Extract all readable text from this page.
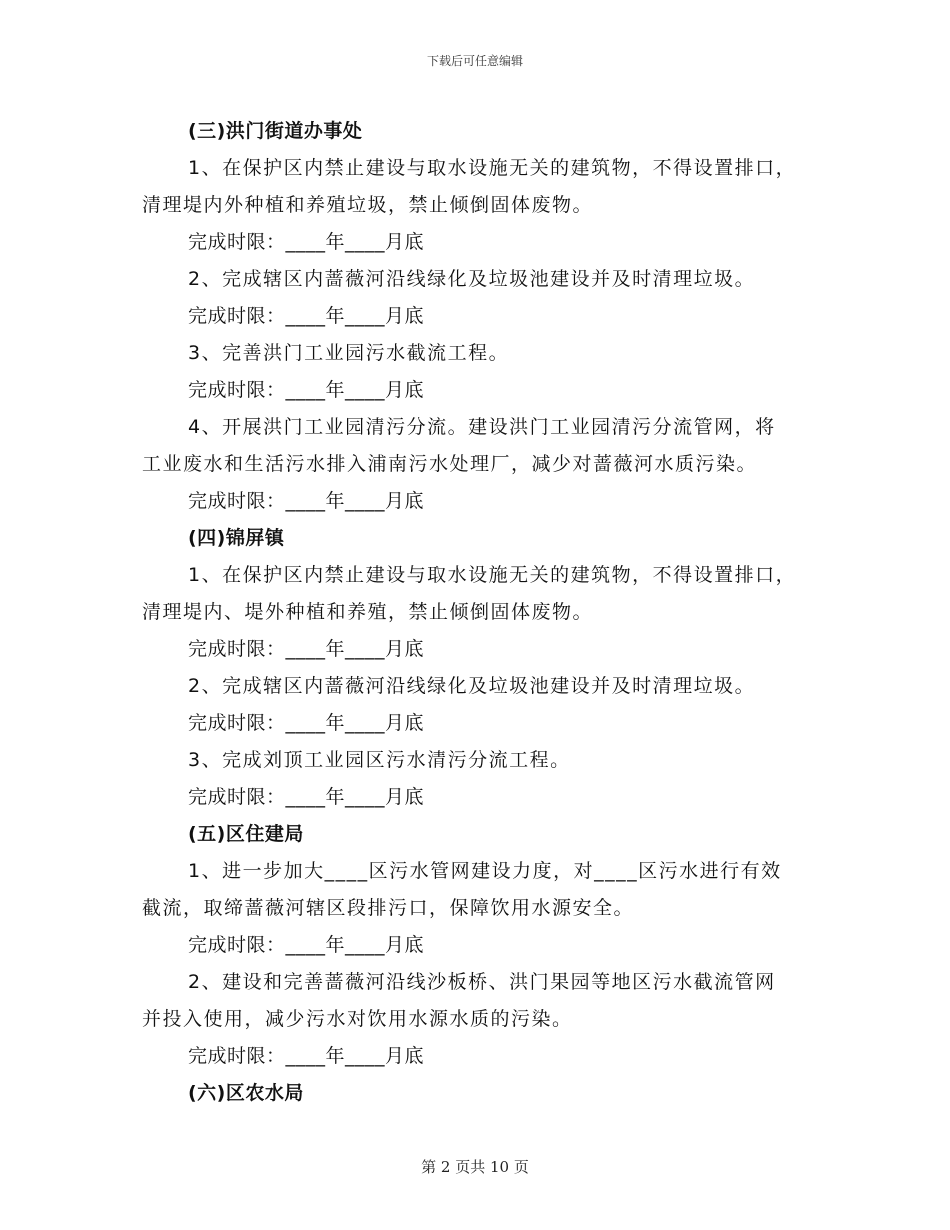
下载后可任意编辑
(三)洪门街道办事处
1、在保护区内禁止建设与取水设施无关的建筑物，不得设置排口，
清理堤内外种植和养殖垃圾，禁止倾倒固体废物。
完成时限：____年____月底
2、完成辖区内蔷薇河沿线绿化及垃圾池建设并及时清理垃圾。
完成时限：____年____月底
3、完善洪门工业园污水截流工程。
完成时限：____年____月底
4、开展洪门工业园清污分流。建设洪门工业园清污分流管网，将
工业废水和生活污水排入浦南污水处理厂，减少对蔷薇河水质污染。
完成时限：____年____月底
(四)锦屏镇
1、在保护区内禁止建设与取水设施无关的建筑物，不得设置排口，
清理堤内、堤外种植和养殖，禁止倾倒固体废物。
完成时限：____年____月底
2、完成辖区内蔷薇河沿线绿化及垃圾池建设并及时清理垃圾。
完成时限：____年____月底
3、完成刘顶工业园区污水清污分流工程。
完成时限：____年____月底
(五)区住建局
1、进一步加大____区污水管网建设力度，对____区污水进行有效
截流，取缔蔷薇河辖区段排污口，保障饮用水源安全。
完成时限：____年____月底
2、建设和完善蔷薇河沿线沙板桥、洪门果园等地区污水截流管网
并投入使用，减少污水对饮用水源水质的污染。
完成时限：____年____月底
(六)区农水局
第 2 页共 10 页
